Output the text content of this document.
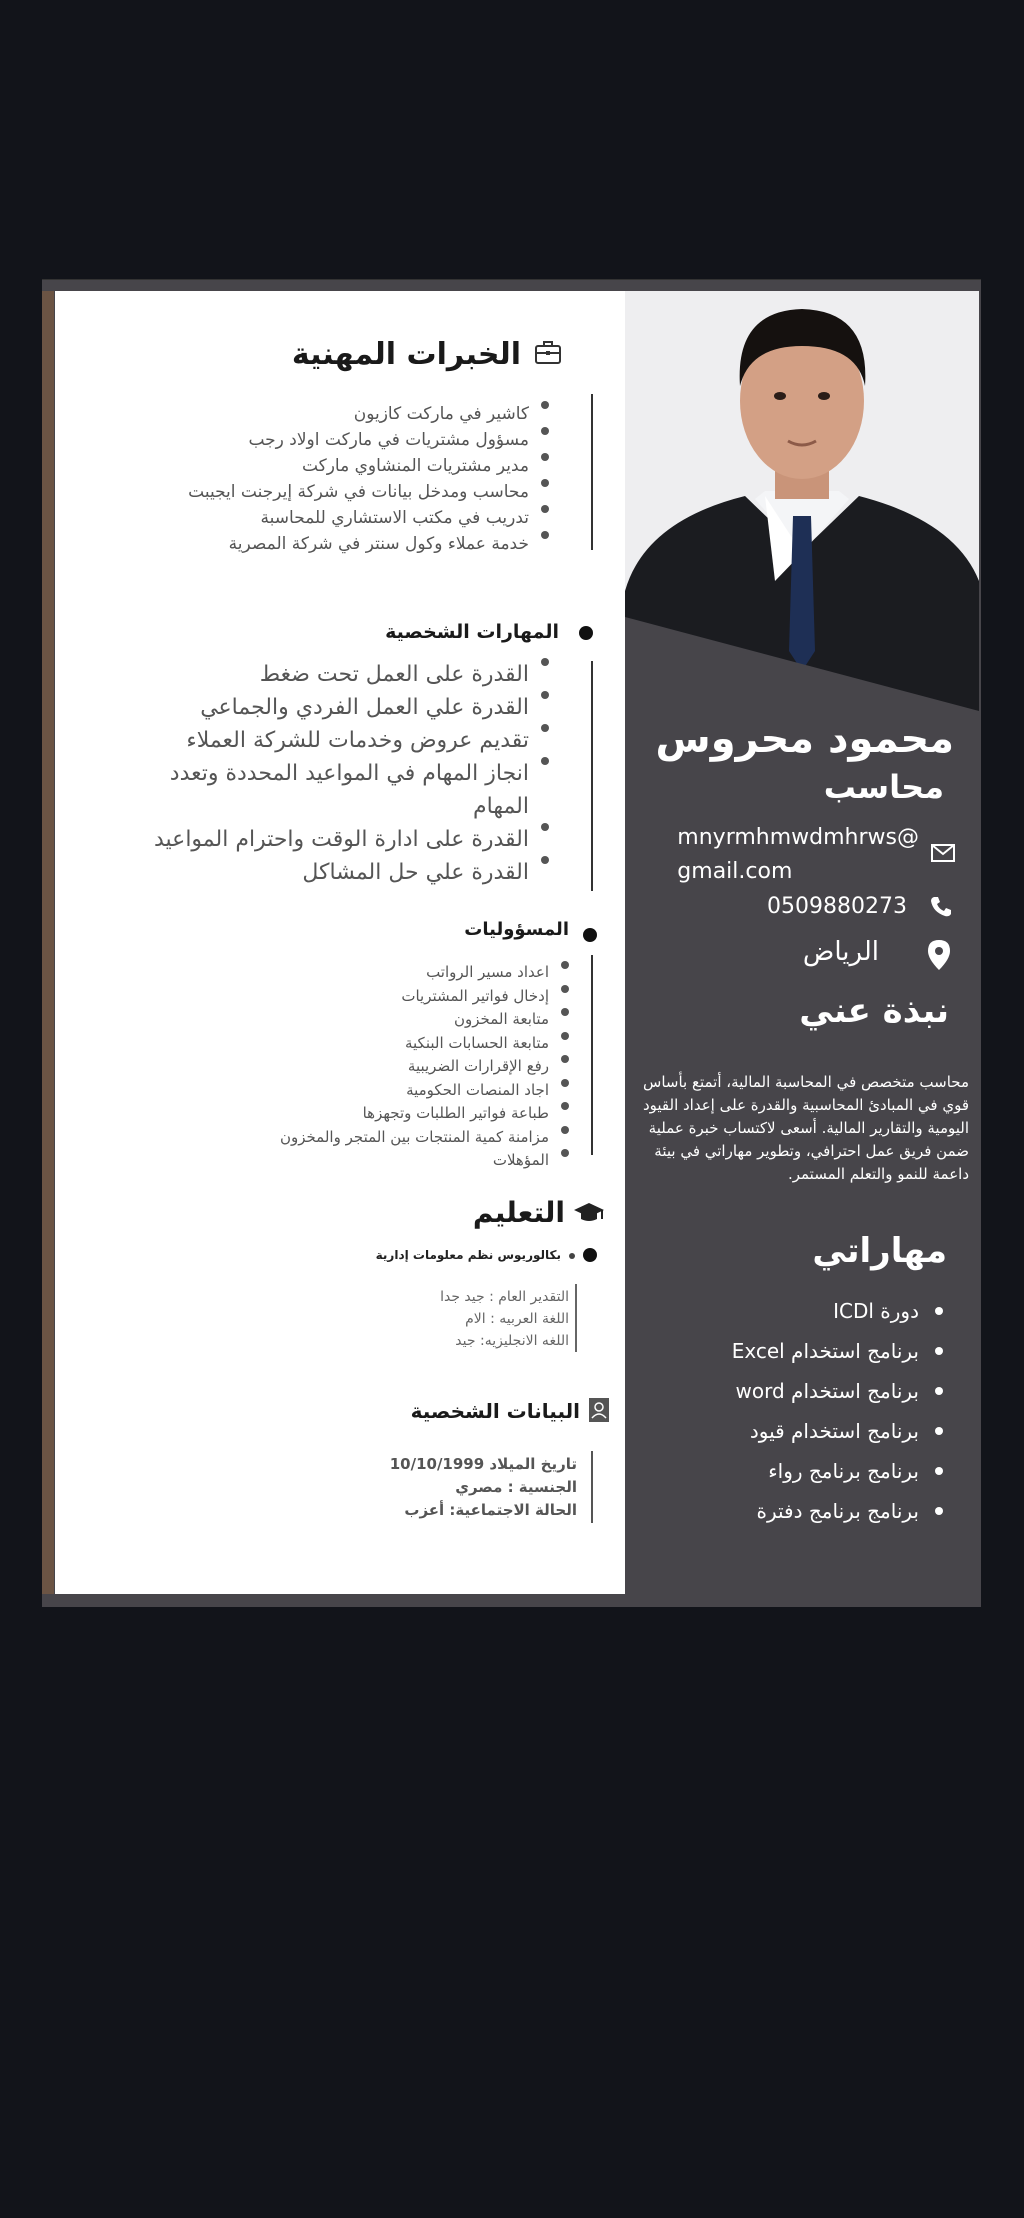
الخبرات المهنية
كاشير في ماركت كازيون
مسؤول مشتريات في ماركت اولاد رجب
مدير مشتريات المنشاوي ماركت
محاسب ومدخل بيانات في شركة إيرجنت ايجيبت
تدريب في مكتب الاستشاري للمحاسبة
خدمة عملاء وكول سنتر في شركة المصرية
المهارات الشخصية
القدرة على العمل تحت ضغط
القدرة علي العمل الفردي والجماعي
تقديم عروض وخدمات للشركة العملاء
انجاز المهام في المواعيد المحددة وتعدد المهام
القدرة على ادارة الوقت واحترام المواعيد
القدرة علي حل المشاكل
المسؤوليات
اعداد مسير الرواتب
إدخال فواتير المشتريات
متابعة المخزون
متابعة الحسابات البنكية
رفع الإقرارات الضريبية
اجاد المنصات الحكومية
طباعة فواتير الطلبات وتجهزها
مزامنة كمية المنتجات بين المتجر والمخزون
المؤهلات
التعليم
بكالوريوس نظم معلومات إدارية
التقدير العام : جيد جدا
اللغة العربيه : الام
اللغه الانجليزيه: جيد
البيانات الشخصية
تاريخ الميلاد 10/10/1999
الجنسية : مصري
الحالة الاجتماعية: أعزب
محمود محروس
محاسب
mnyrmhmwdmhrws@
gmail.com
0509880273
الرياض
نبذة عني
محاسب متخصص في المحاسبة المالية، أتمتع بأساس قوي في المبادئ المحاسبية والقدرة على إعداد القيود اليومية والتقارير المالية. أسعى لاكتساب خبرة عملية ضمن فريق عمل احترافي، وتطوير مهاراتي في بيئة داعمة للنمو والتعلم المستمر.
مهاراتي
دورة ICDl
برنامج استخدام Excel
برنامج استخدام word
برنامج استخدام قيود
برنامج برنامج رواء
برنامج برنامج دفترة
